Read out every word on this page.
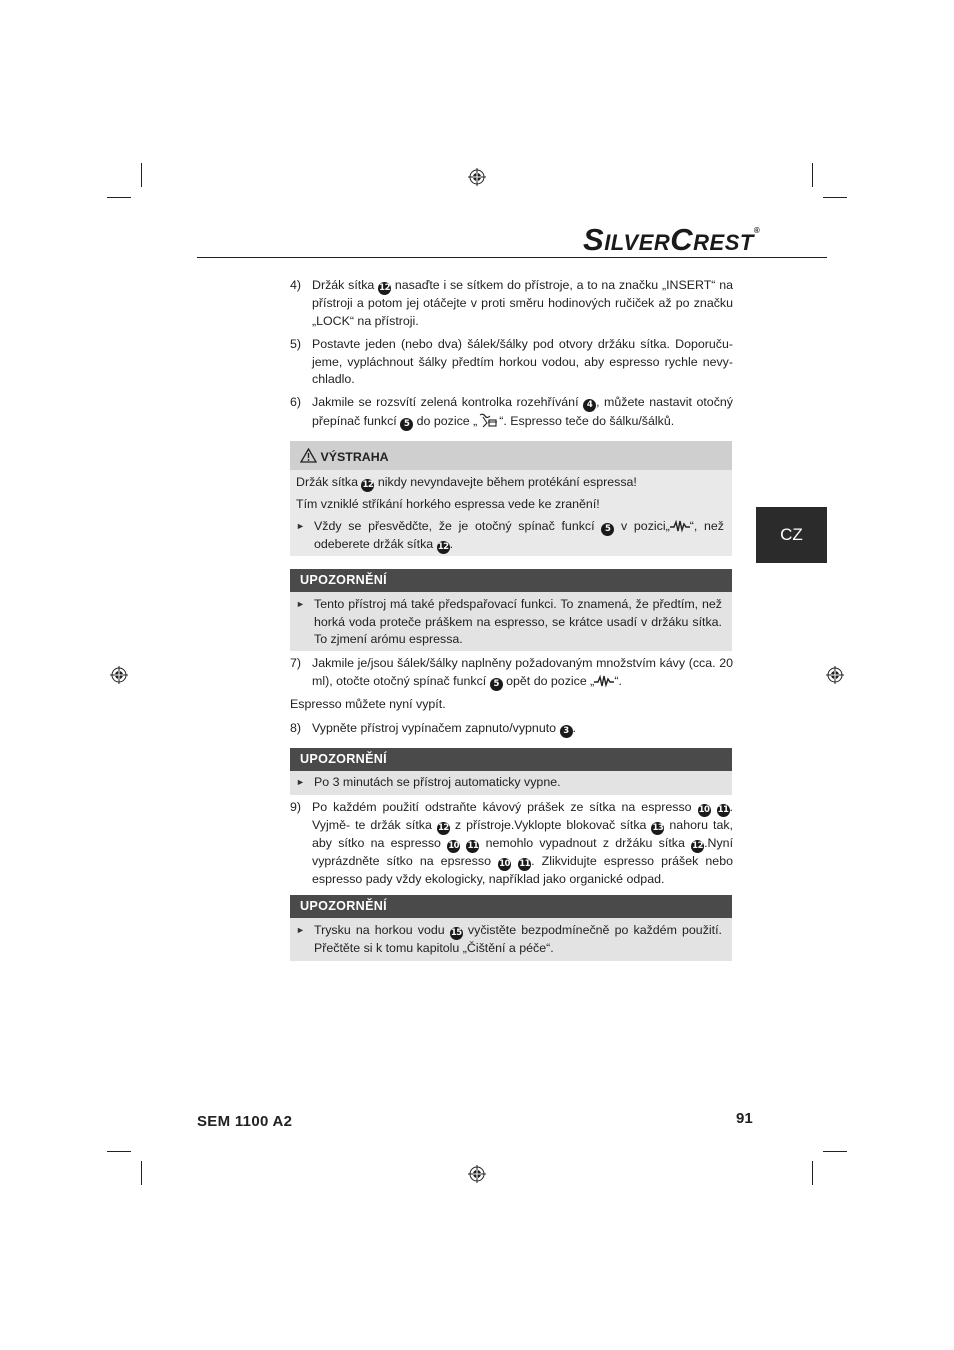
SILVERCREST®
CZ
4) Držák sítka 12 nasaďte i se sítkem do přístroje, a to na značku „INSERT“ na přístroji a potom jej otáčejte v proti směru hodinových ručiček až po značku „LOCK“ na přístroji.
5) Postavte jeden (nebo dva) šálek/šálky pod otvory držáku sítka. Doporuču- jeme, vypláchnout šálky předtím horkou vodou, aby espresso rychle nevy- chladlo.
6) Jakmile se rozsvítí zelená kontrolka rozehřívání 4 , můžete nastavit otočný přepínač funkcí 5 do pozice „ “. Espresso teče do šálku/šálků.
VÝSTRAHA

Držák sítka 12 nikdy nevyndavejte během protékání espressa!

Tím vzniklé stříkání horkého espressa vede ke zranění!

► Vždy se přesvědčte, že je otočný spínač funkcí 5 v pozici„ “, než odeberete držák sítka 12.
UPOZORNĚNÍ
► Tento přístroj má také předspařovací funkci. To znamená, že předtím, než horká voda proteče práškem na espresso, se krátce usadí v držáku sítka. To zjmení arómu espressa.
7) Jakmile je/jsou šálek/šálky naplněny požadovaným množstvím kávy (cca. 20 ml), otočte otočný spínač funkcí 5 opět do pozice „ “.
Espresso můžete nyní vypít.
8) Vypněte přístroj vypínačem zapnuto/vypnuto 3 .
UPOZORNĚNÍ
► Po 3 minutách se přístroj automaticky vypne.
9) Po každém použití odstraňte kávový prášek ze sítka na espresso 10 11. Vyjmě- te držák sítka 12 z přístroje.Vyklopte blokovač sítka 13 nahoru tak, aby sítko na espresso 10 11 nemohlo vypadnout z držáku sítka 12.Nyní vyprázdněte sítko na epsresso 10 11. Zlikvidujte espresso prášek nebo espresso pady vždy ekologicky, například jako organické odpad.
UPOZORNĚNÍ
► Trysku na horkou vodu 15 vyčistěte bezpodmínečně po každém použití. Přečtěte si k tomu kapitolu „Čištění a péče“.
SEM 1100 A2	91
